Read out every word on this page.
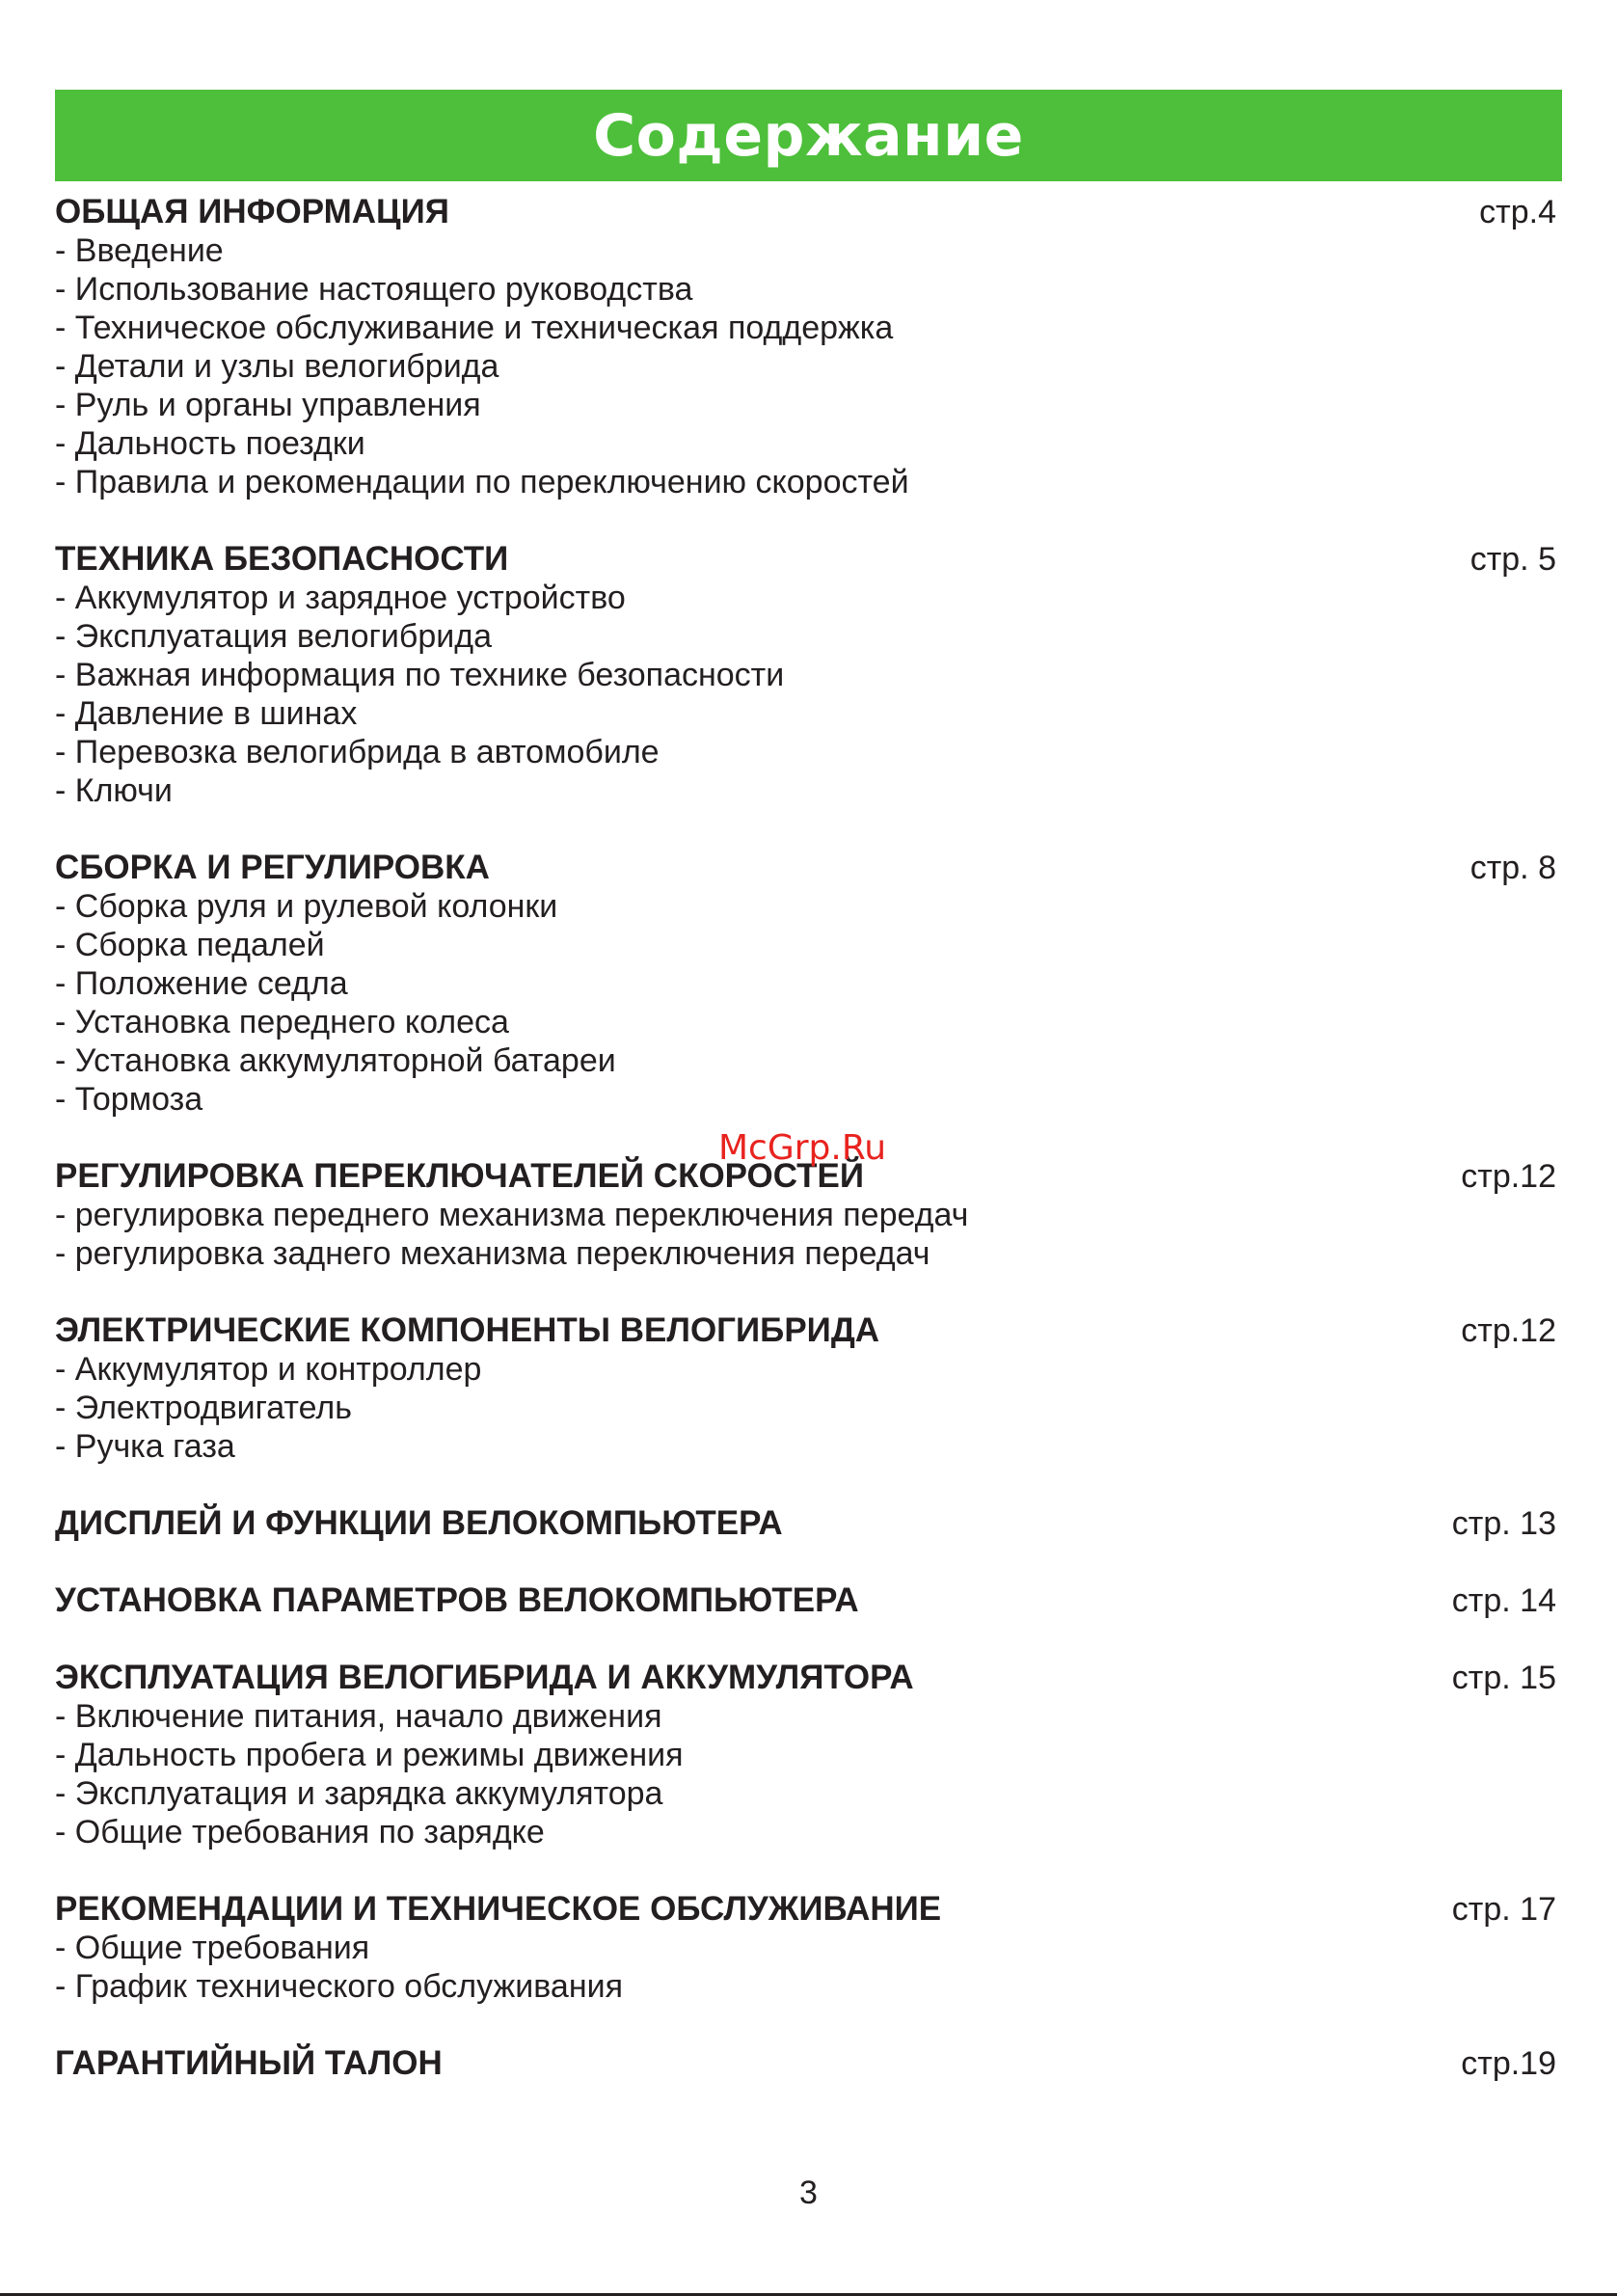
Содержание
ОБЩАЯ ИНФОРМАЦИЯ	стр.4
- Введение
- Использование настоящего руководства
- Техническое обслуживание и техническая поддержка
- Детали и узлы велогибрида
- Руль и органы управления
- Дальность поездки
- Правила и рекомендации по переключению скоростей
ТЕХНИКА БЕЗОПАСНОСТИ	стр. 5
- Аккумулятор и зарядное устройство
- Эксплуатация велогибрида
- Важная информация по технике безопасности
- Давление в шинах
- Перевозка велогибрида в автомобиле
- Ключи
СБОРКА И РЕГУЛИРОВКА	стр. 8
- Сборка руля и рулевой колонки
- Сборка педалей
- Положение седла
- Установка переднего колеса
- Установка аккумуляторной батареи
- Тормоза
РЕГУЛИРОВКА ПЕРЕКЛЮЧАТЕЛЕЙ СКОРОСТЕЙ	стр.12
- регулировка переднего механизма переключения передач
- регулировка заднего механизма переключения передач
ЭЛЕКТРИЧЕСКИЕ КОМПОНЕНТЫ ВЕЛОГИБРИДА	стр.12
- Аккумулятор и контроллер
- Электродвигатель
- Ручка газа
ДИСПЛЕЙ И ФУНКЦИИ ВЕЛОКОМПЬЮТЕРА	стр. 13
УСТАНОВКА ПАРАМЕТРОВ ВЕЛОКОМПЬЮТЕРА	стр. 14
ЭКСПЛУАТАЦИЯ ВЕЛОГИБРИДА И АККУМУЛЯТОРА	стр. 15
- Включение питания, начало движения
- Дальность пробега и режимы движения
- Эксплуатация и зарядка аккумулятора
- Общие требования по зарядке
РЕКОМЕНДАЦИИ И ТЕХНИЧЕСКОЕ ОБСЛУЖИВАНИЕ	стр. 17
- Общие требования
- График технического обслуживания
ГАРАНТИЙНЫЙ ТАЛОН	стр.19
McGrp.Ru
3
